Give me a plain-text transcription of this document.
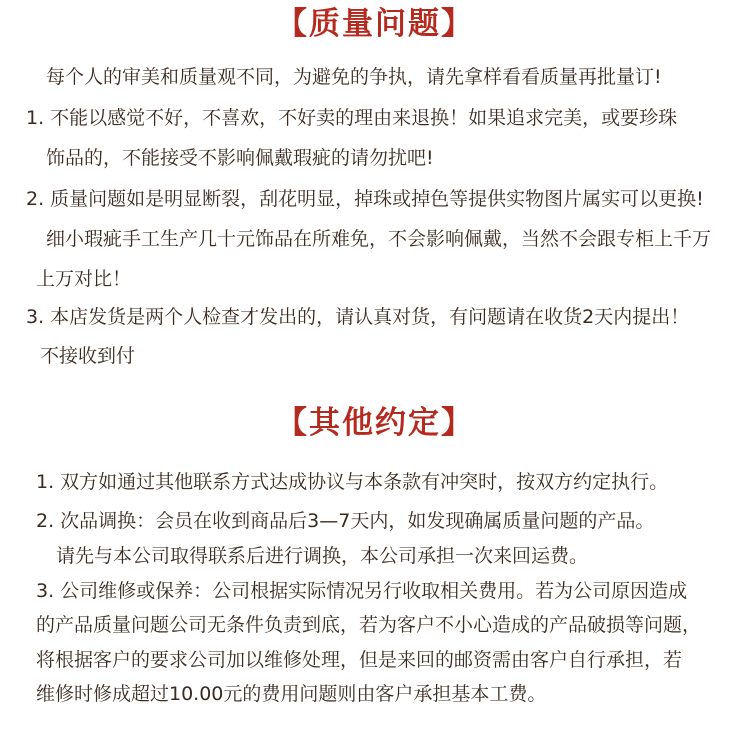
【质量问题】
每个人的审美和质量观不同，为避免的争执，请先拿样看看质量再批量订!
1. 不能以感觉不好，不喜欢，不好卖的理由来退换！如果追求完美，或要珍珠
饰品的，不能接受不影响佩戴瑕疵的请勿扰吧!
2. 质量问题如是明显断裂，刮花明显，掉珠或掉色等提供实物图片属实可以更换!
细小瑕疵手工生产几十元饰品在所难免，不会影响佩戴，当然不会跟专柜上千万
上万对比！
3. 本店发货是两个人检查才发出的，请认真对货，有问题请在收货2天内提出！
不接收到付
【其他约定】
1. 双方如通过其他联系方式达成协议与本条款有冲突时，按双方约定执行。
2. 次品调换：会员在收到商品后3—7天内，如发现确属质量问题的产品。
请先与本公司取得联系后进行调换，本公司承担一次来回运费。
3. 公司维修或保养：公司根据实际情况另行收取相关费用。若为公司原因造成
的产品质量问题公司无条件负责到底，若为客户不小心造成的产品破损等问题，
将根据客户的要求公司加以维修处理，但是来回的邮资需由客户自行承担，若
维修时修成超过10.00元的费用问题则由客户承担基本工费。
